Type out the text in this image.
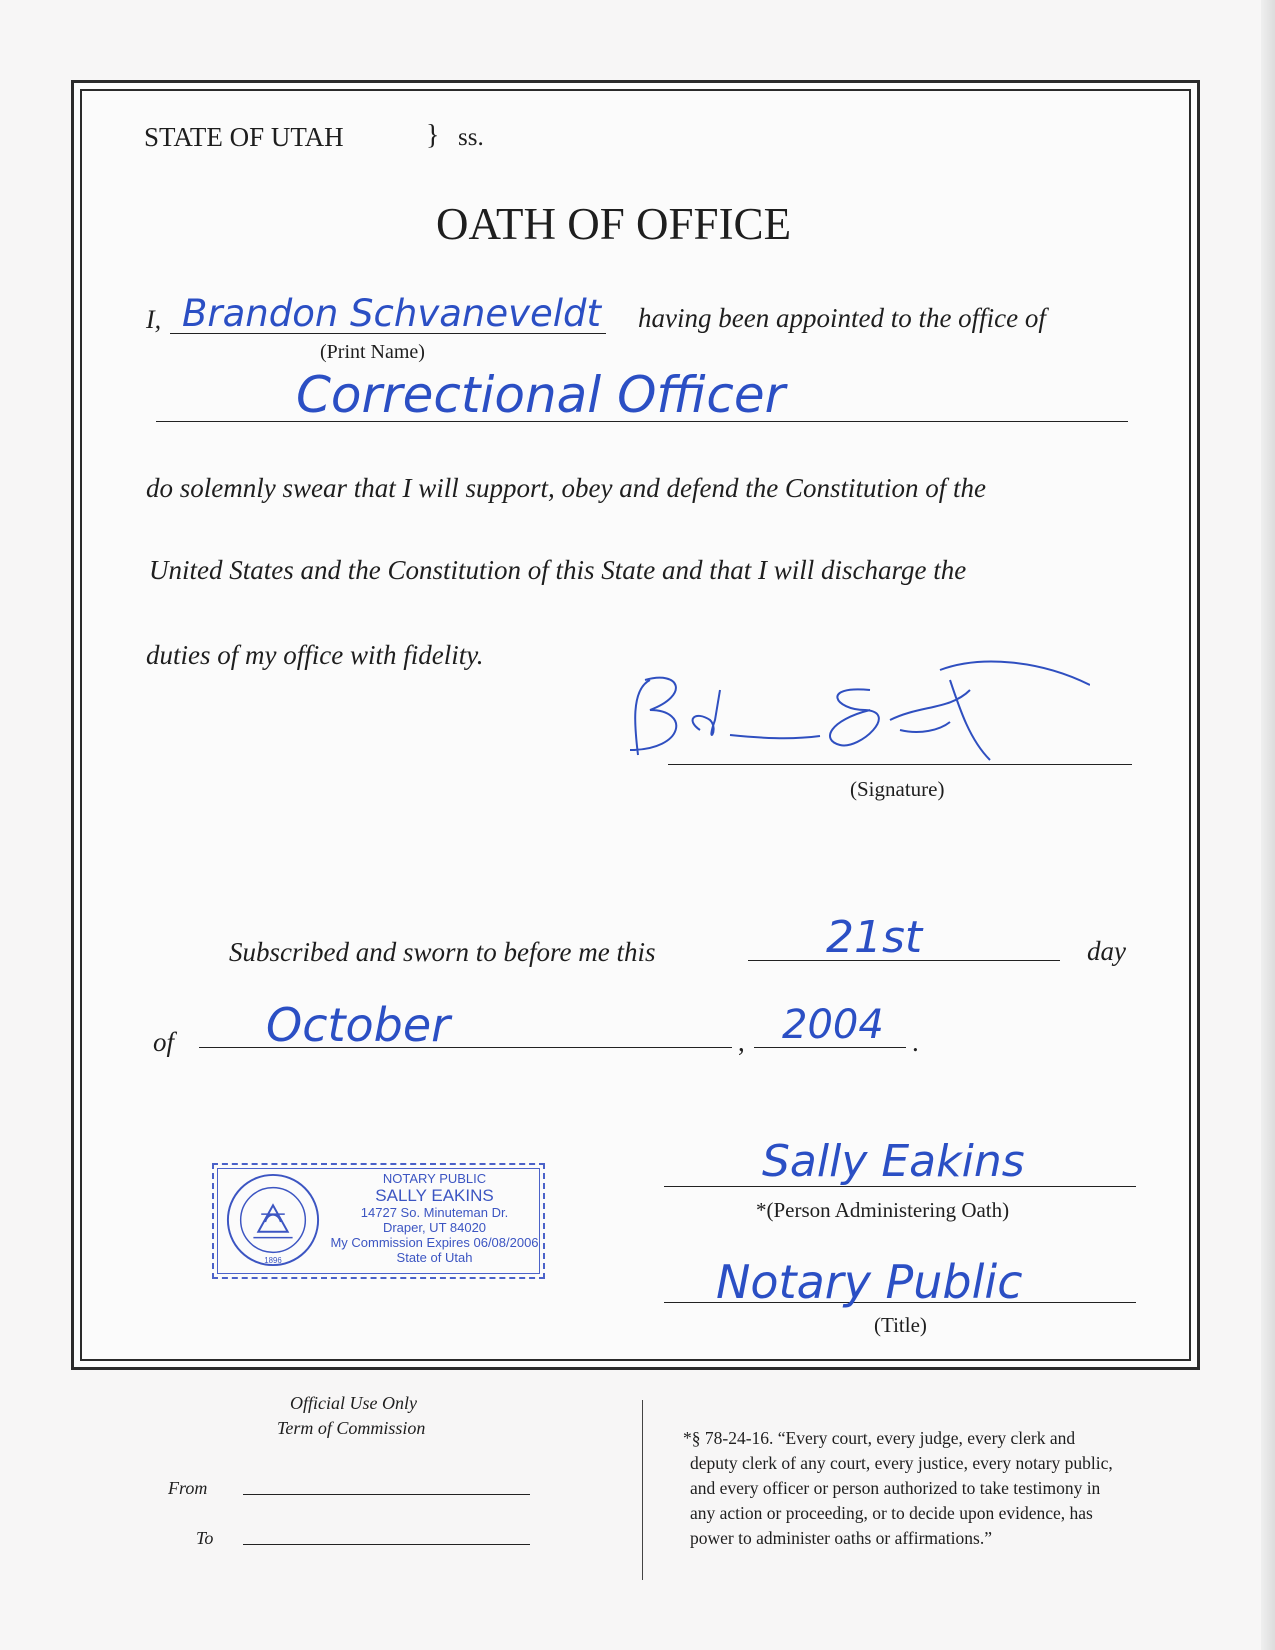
STATE OF UTAH	} ss.
OATH OF OFFICE
I, Brandon Schvaneveldt
(Print Name)
having been appointed to the office of
Correctional Officer
do solemnly swear that I will support, obey and defend the Constitution of the
United States and the Constitution of this State and that I will discharge the
duties of my office with fidelity.
(Signature)
Subscribed and sworn to before me this	21st	day
of October	, 2004 .
1896
NOTARY PUBLIC
SALLY EAKINS
14727 So. Minuteman Dr.
Draper, UT 84020
My Commission Expires 06/08/2006
State of Utah
Sally Eakins
*(Person Administering Oath)
Notary Public
(Title)
Official Use Only
Term of Commission
From
To
*§ 78-24-16. “Every court, every judge, every clerk and
deputy clerk of any court, every justice, every notary public,
and every officer or person authorized to take testimony in
any action or proceeding, or to decide upon evidence, has
power to administer oaths or affirmations.”
